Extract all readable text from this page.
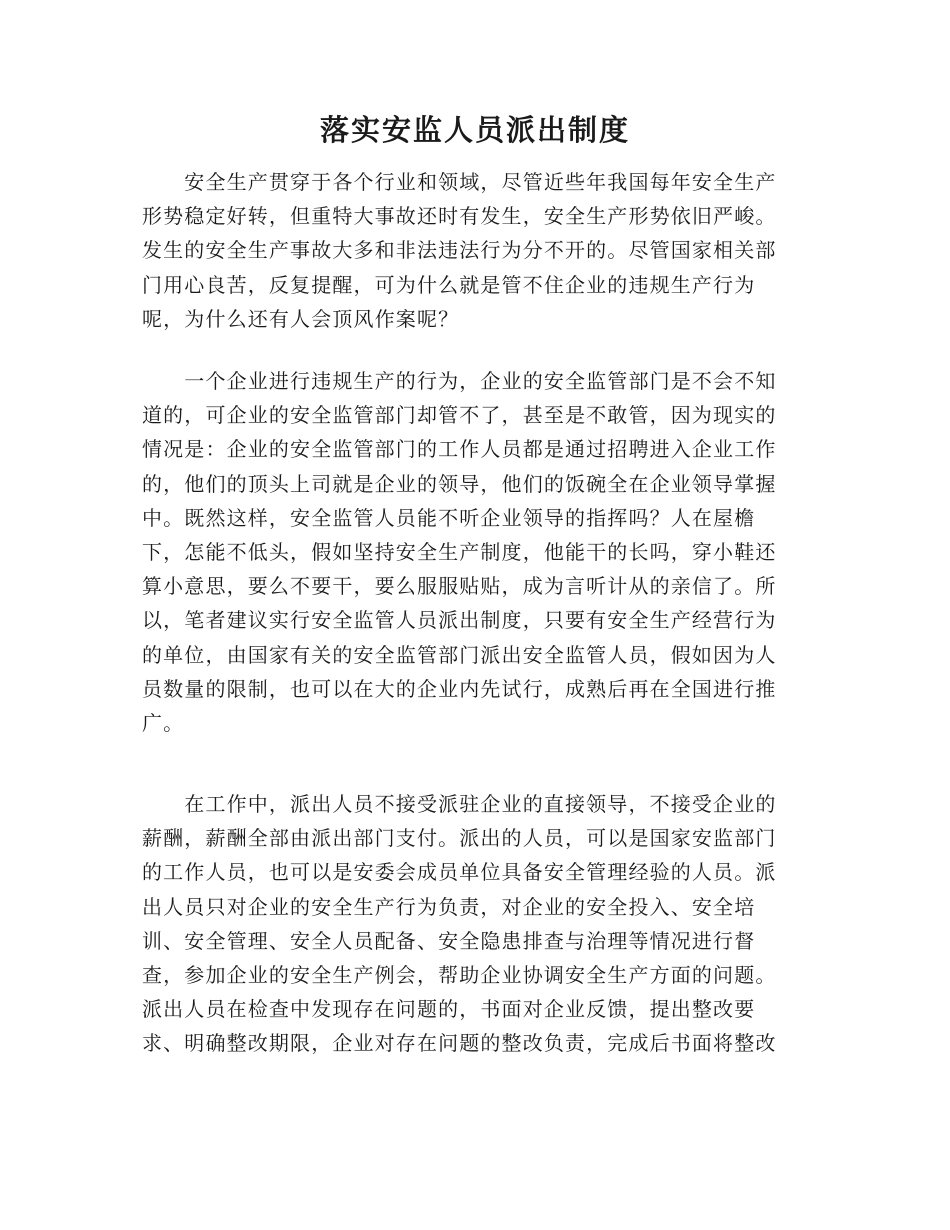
落实安监人员派出制度
　　安全生产贯穿于各个行业和领域，尽管近些年我国每年安全生产
形势稳定好转，但重特大事故还时有发生，安全生产形势依旧严峻。
发生的安全生产事故大多和非法违法行为分不开的。尽管国家相关部
门用心良苦，反复提醒，可为什么就是管不住企业的违规生产行为
呢，为什么还有人会顶风作案呢？
　　一个企业进行违规生产的行为，企业的安全监管部门是不会不知
道的，可企业的安全监管部门却管不了，甚至是不敢管，因为现实的
情况是：企业的安全监管部门的工作人员都是通过招聘进入企业工作
的，他们的顶头上司就是企业的领导，他们的饭碗全在企业领导掌握
中。既然这样，安全监管人员能不听企业领导的指挥吗？人在屋檐
下，怎能不低头，假如坚持安全生产制度，他能干的长吗，穿小鞋还
算小意思，要么不要干，要么服服贴贴，成为言听计从的亲信了。所
以，笔者建议实行安全监管人员派出制度，只要有安全生产经营行为
的单位，由国家有关的安全监管部门派出安全监管人员，假如因为人
员数量的限制，也可以在大的企业内先试行，成熟后再在全国进行推
广。
　　在工作中，派出人员不接受派驻企业的直接领导，不接受企业的
薪酬，薪酬全部由派出部门支付。派出的人员，可以是国家安监部门
的工作人员，也可以是安委会成员单位具备安全管理经验的人员。派
出人员只对企业的安全生产行为负责，对企业的安全投入、安全培
训、安全管理、安全人员配备、安全隐患排查与治理等情况进行督
查，参加企业的安全生产例会，帮助企业协调安全生产方面的问题。
派出人员在检查中发现存在问题的，书面对企业反馈，提出整改要
求、明确整改期限，企业对存在问题的整改负责，完成后书面将整改
